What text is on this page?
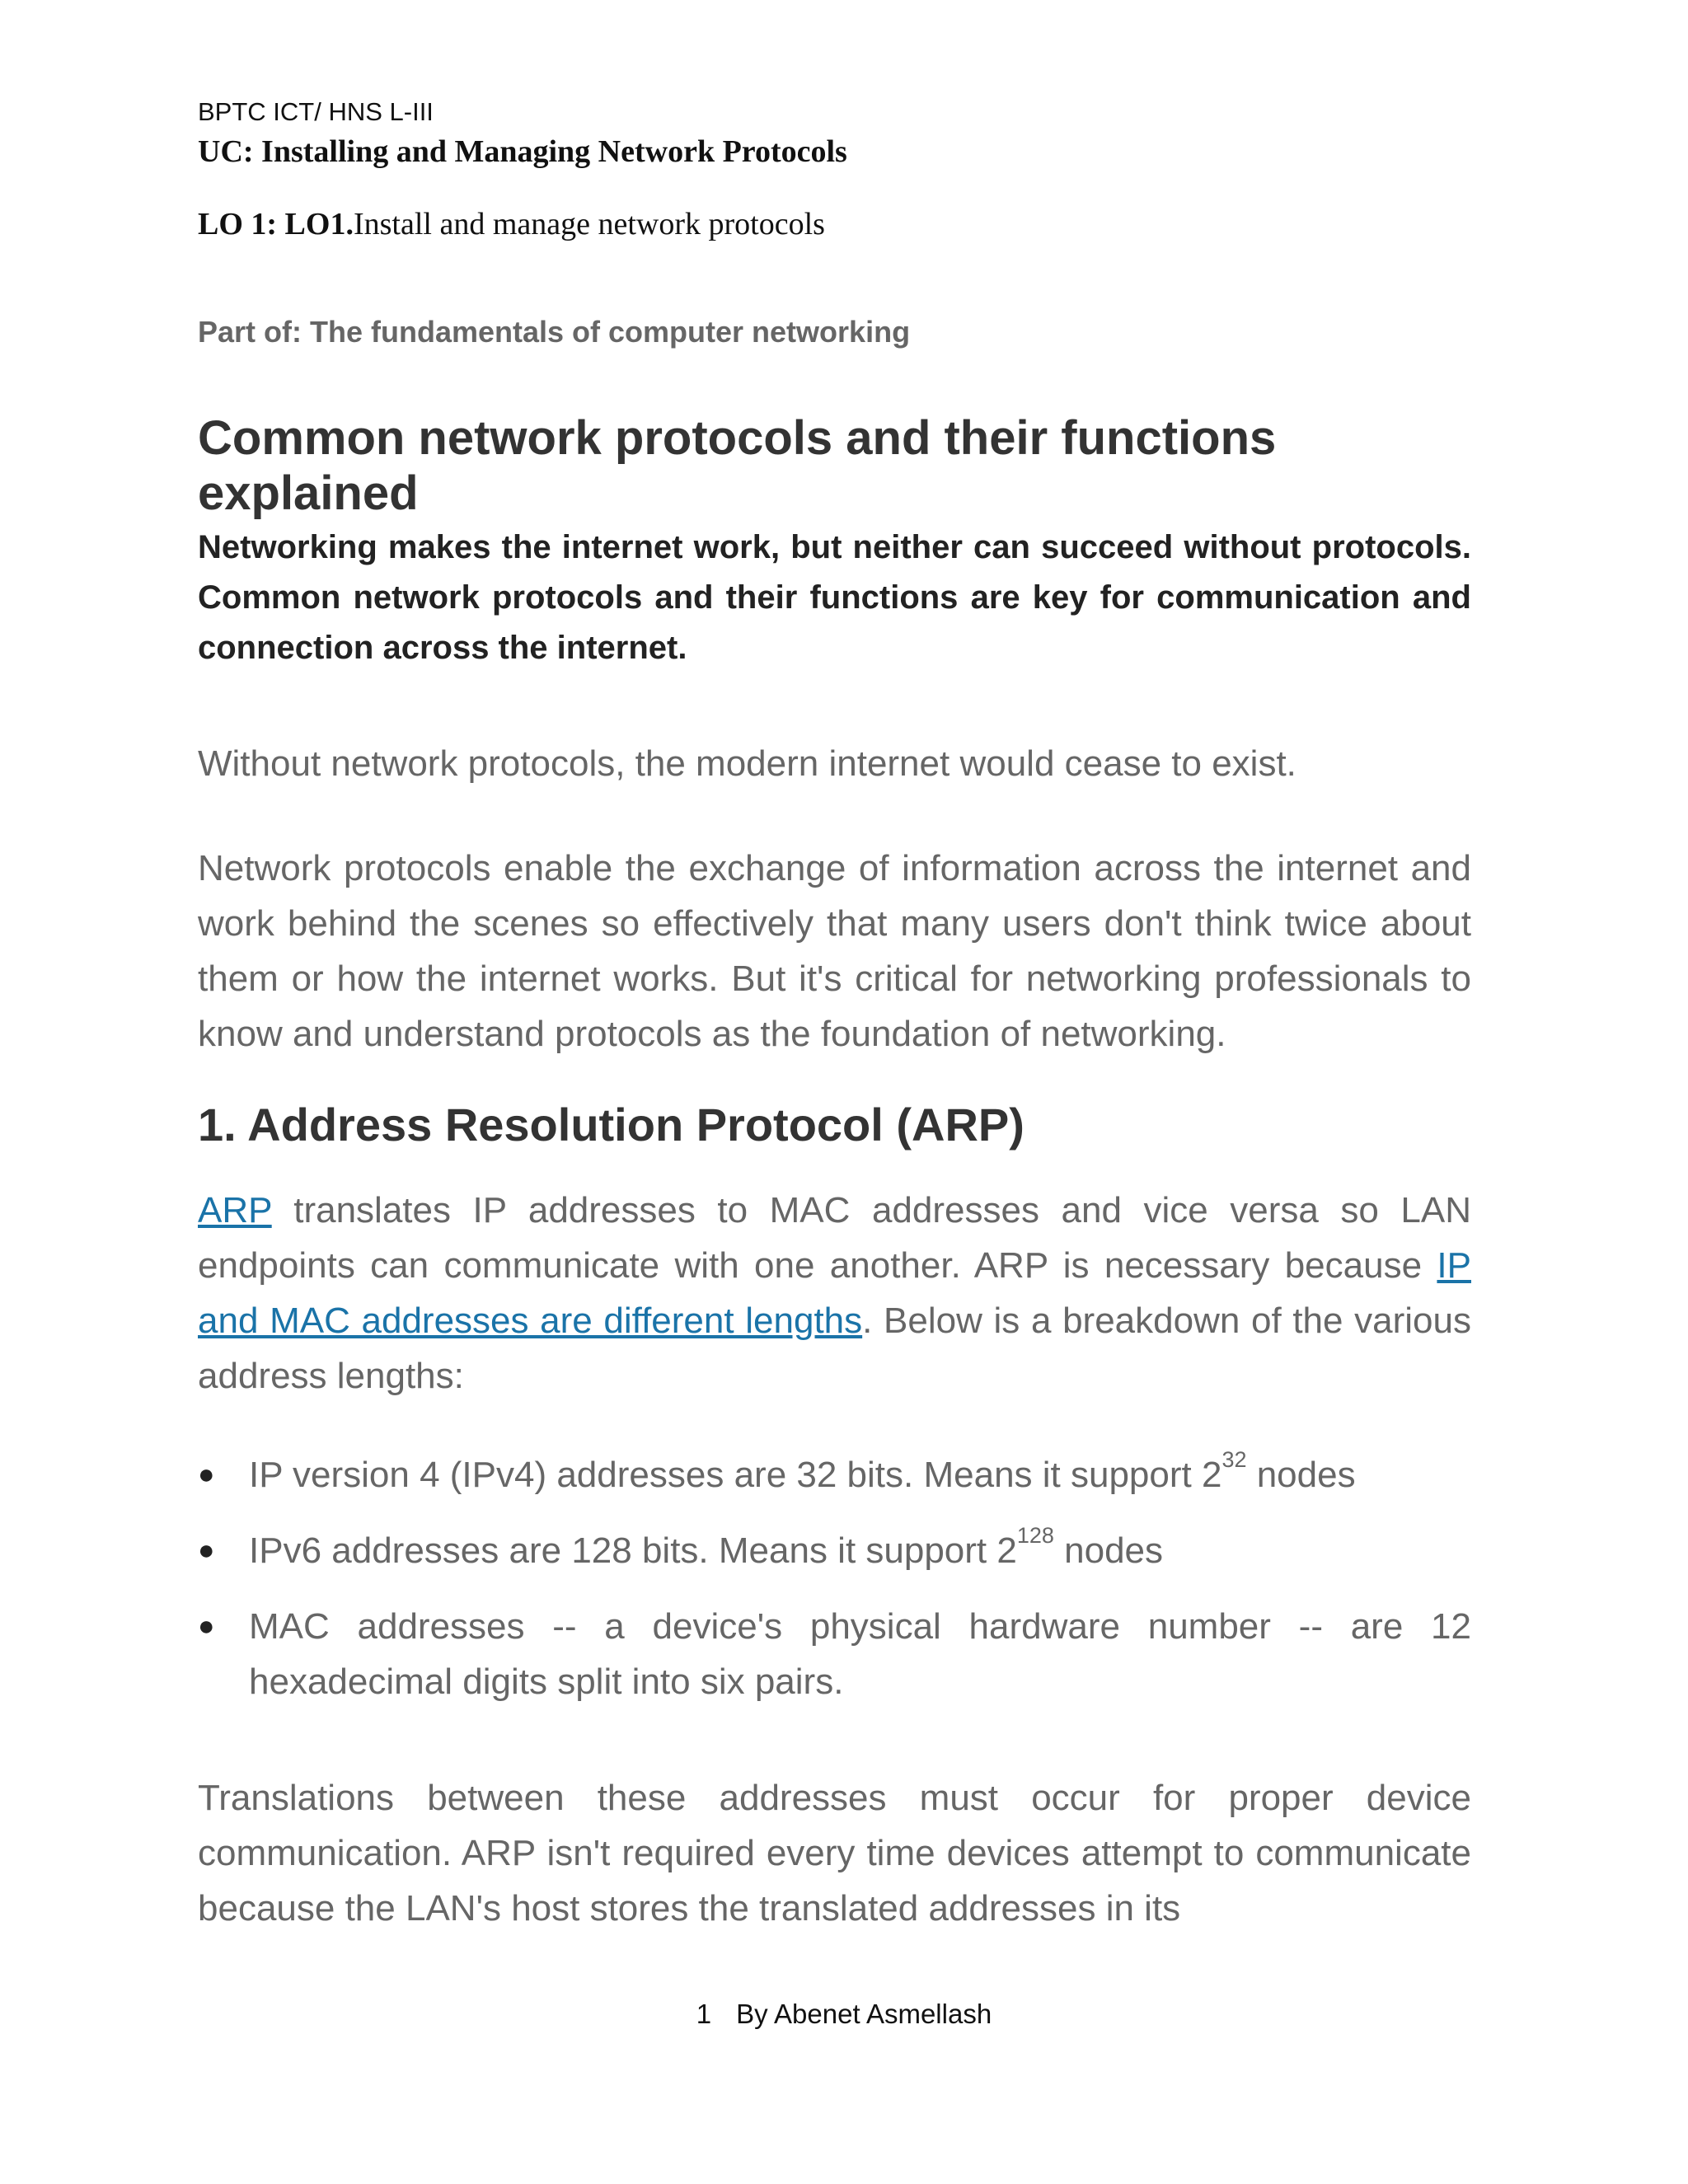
BPTC ICT/ HNS L-III
UC: Installing and Managing Network Protocols
LO 1: LO1.Install and manage network protocols
Part of: The fundamentals of computer networking
Common network protocols and their functions explained
Networking makes the internet work, but neither can succeed without protocols. Common network protocols and their functions are key for communication and connection across the internet.
Without network protocols, the modern internet would cease to exist.
Network protocols enable the exchange of information across the internet and work behind the scenes so effectively that many users don't think twice about them or how the internet works. But it's critical for networking professionals to know and understand protocols as the foundation of networking.
1. Address Resolution Protocol (ARP)
ARP translates IP addresses to MAC addresses and vice versa so LAN endpoints can communicate with one another. ARP is necessary because IP and MAC addresses are different lengths. Below is a breakdown of the various address lengths:
● IP version 4 (IPv4) addresses are 32 bits. Means it support $2^{32}$ nodes
● IPv6 addresses are 128 bits. Means it support $2^{128}$ nodes
● MAC addresses -- a device's physical hardware number -- are 12 hexadecimal digits split into six pairs.
Translations between these addresses must occur for proper device communication. ARP isn't required every time devices attempt to communicate because the LAN's host stores the translated addresses in its
1 By Abenet Asmellash
